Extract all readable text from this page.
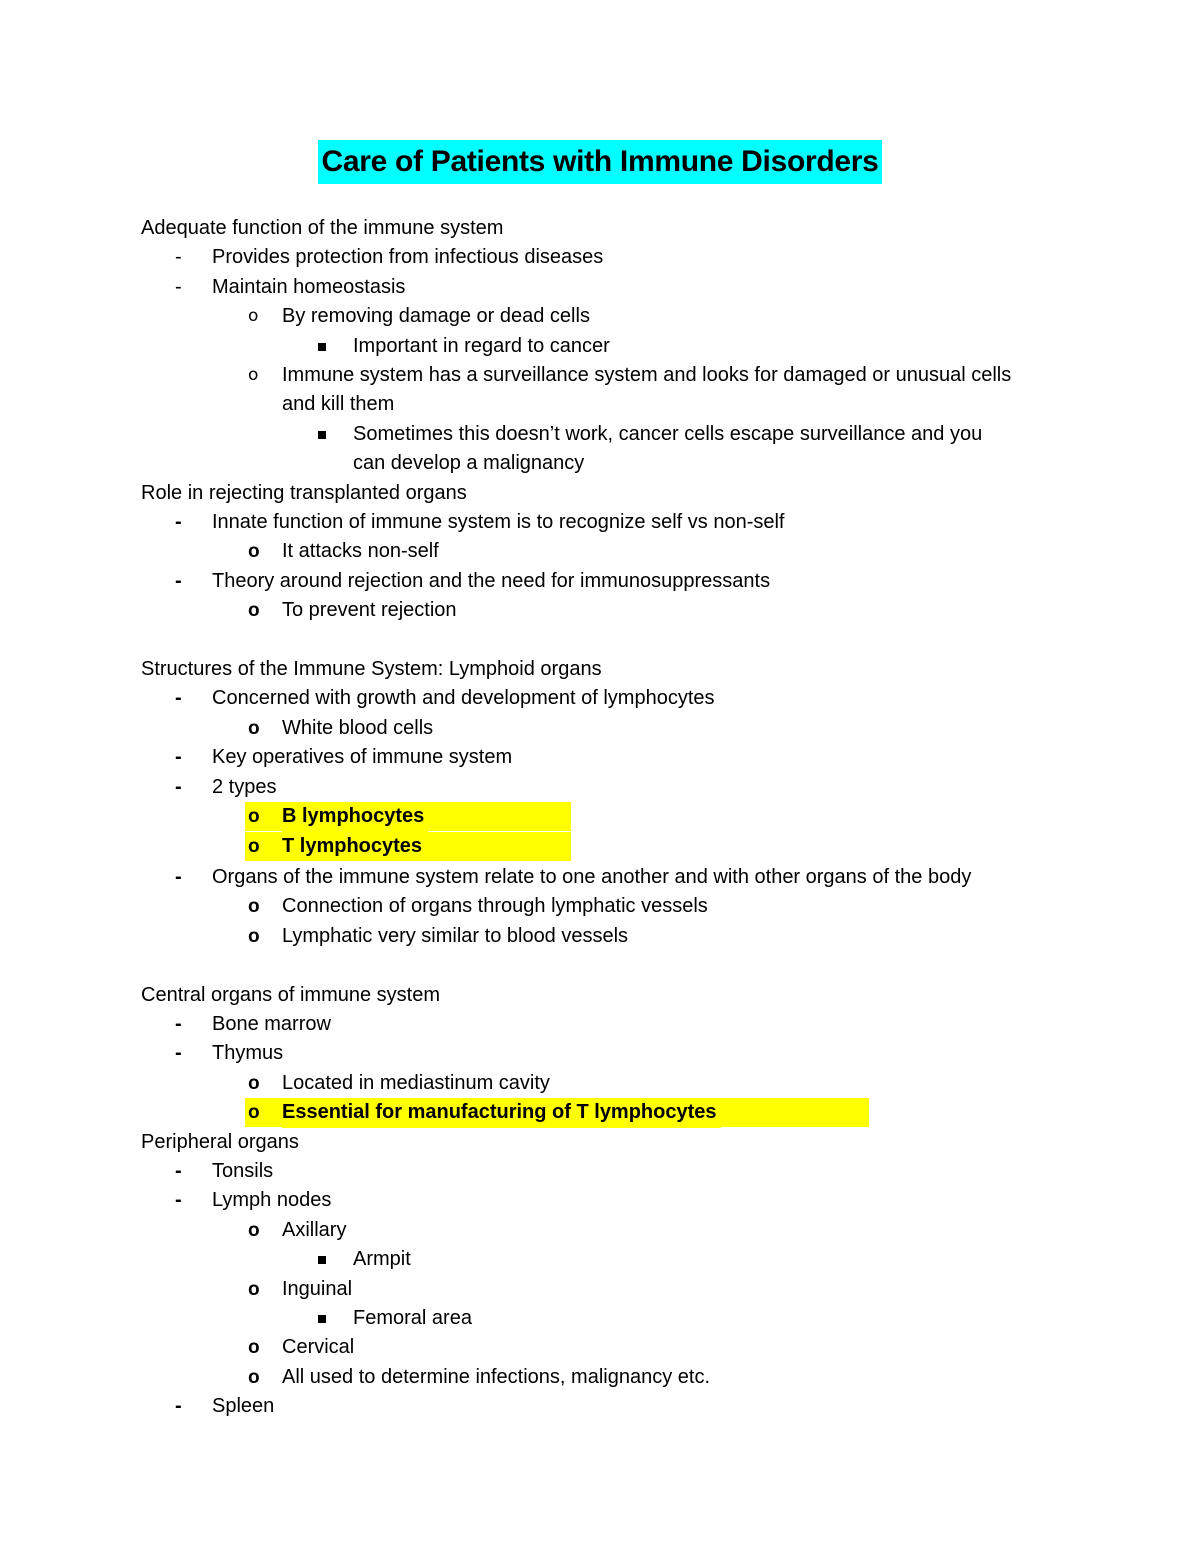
Care of Patients with Immune Disorders
Adequate function of the immune system
- Provides protection from infectious diseases
- Maintain homeostasis
o By removing damage or dead cells
Important in regard to cancer
o Immune system has a surveillance system and looks for damaged or unusual cells
and kill them
Sometimes this doesn’t work, cancer cells escape surveillance and you
can develop a malignancy
Role in rejecting transplanted organs
- Innate function of immune system is to recognize self vs non-self
o It attacks non-self
- Theory around rejection and the need for immunosuppressants
o To prevent rejection
Structures of the Immune System: Lymphoid organs
- Concerned with growth and development of lymphocytes
o White blood cells
- Key operatives of immune system
- 2 types
o B lymphocytes
o T lymphocytes
- Organs of the immune system relate to one another and with other organs of the body
o Connection of organs through lymphatic vessels
o Lymphatic very similar to blood vessels
Central organs of immune system
- Bone marrow
- Thymus
o Located in mediastinum cavity
o Essential for manufacturing of T lymphocytes
Peripheral organs
- Tonsils
- Lymph nodes
o Axillary
Armpit
o Inguinal
Femoral area
o Cervical
o All used to determine infections, malignancy etc.
- Spleen
